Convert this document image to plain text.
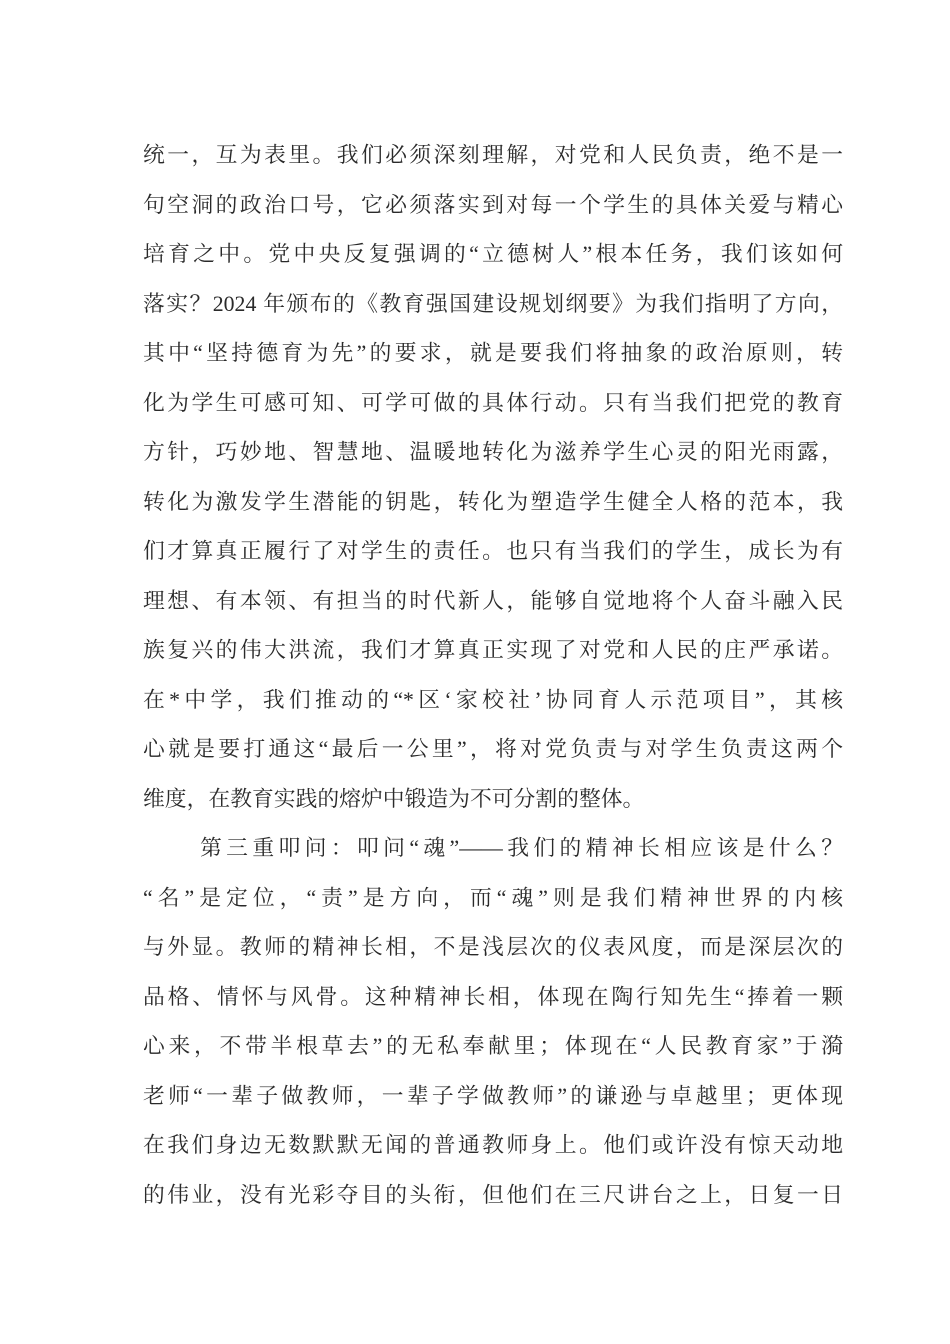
统一，互为表里。我们必须深刻理解，对党和人民负责，绝不是一
句空洞的政治口号，它必须落实到对每一个学生的具体关爱与精心
培育之中。党中央反复强调的“立德树人”根本任务，我们该如何
落实？2024 年颁布的《教育强国建设规划纲要》为我们指明了方向，
其中“坚持德育为先”的要求，就是要我们将抽象的政治原则，转
化为学生可感可知、可学可做的具体行动。只有当我们把党的教育
方针，巧妙地、智慧地、温暖地转化为滋养学生心灵的阳光雨露，
转化为激发学生潜能的钥匙，转化为塑造学生健全人格的范本，我
们才算真正履行了对学生的责任。也只有当我们的学生，成长为有
理想、有本领、有担当的时代新人，能够自觉地将个人奋斗融入民
族复兴的伟大洪流，我们才算真正实现了对党和人民的庄严承诺。
在*中学，我们推动的“*区‘家校社’协同育人示范项目”，其核
心就是要打通这“最后一公里”，将对党负责与对学生负责这两个
维度，在教育实践的熔炉中锻造为不可分割的整体。
第三重叩问：叩问“魂”——我们的精神长相应该是什么？
“名”是定位，“责”是方向，而“魂”则是我们精神世界的内核
与外显。教师的精神长相，不是浅层次的仪表风度，而是深层次的
品格、情怀与风骨。这种精神长相，体现在陶行知先生“捧着一颗
心来，不带半根草去”的无私奉献里；体现在“人民教育家”于漪
老师“一辈子做教师，一辈子学做教师”的谦逊与卓越里；更体现
在我们身边无数默默无闻的普通教师身上。他们或许没有惊天动地
的伟业，没有光彩夺目的头衔，但他们在三尺讲台之上，日复一日
